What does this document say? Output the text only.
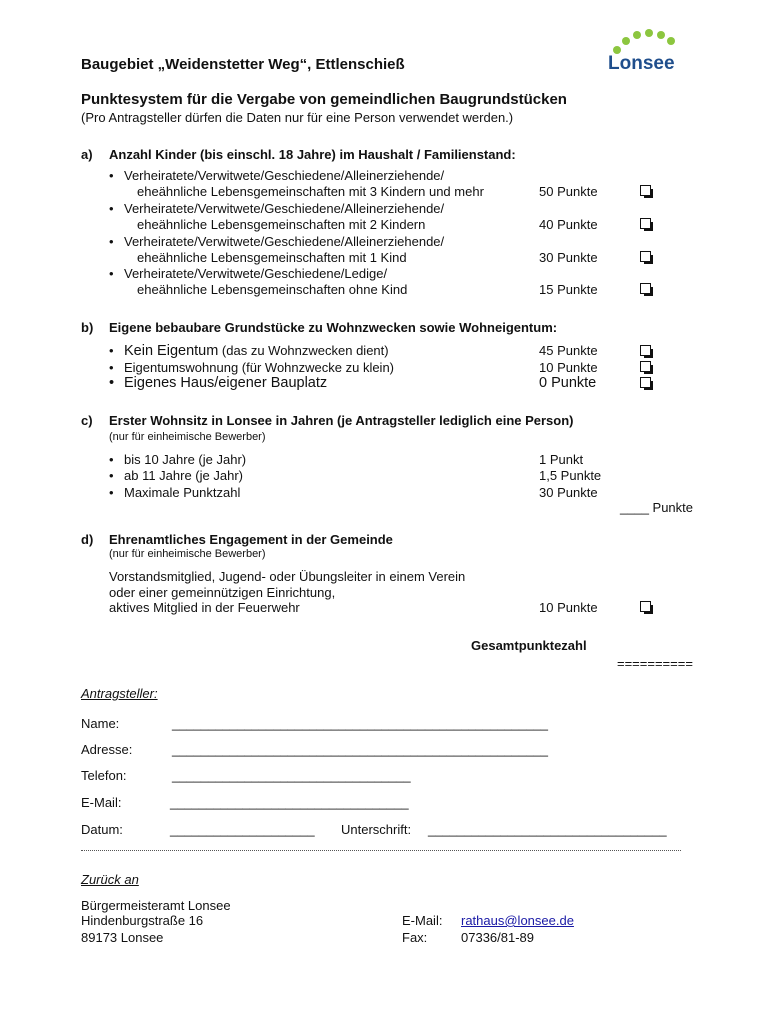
Lonsee
Baugebiet „Weidenstetter Weg“, Ettlenschieß
Punktesystem für die Vergabe von gemeindlichen Baugrundstücken
(Pro Antragsteller dürfen die Daten nur für eine Person verwendet werden.)
a) Anzahl Kinder (bis einschl. 18 Jahre) im Haushalt / Familienstand:
• Verheiratete/Verwitwete/Geschiedene/Alleinerziehende/
eheähnliche Lebensgemeinschaften mit 3 Kindern und mehr	50 Punkte
• Verheiratete/Verwitwete/Geschiedene/Alleinerziehende/
eheähnliche Lebensgemeinschaften mit 2 Kindern	40 Punkte
• Verheiratete/Verwitwete/Geschiedene/Alleinerziehende/
eheähnliche Lebensgemeinschaften mit 1 Kind	30 Punkte
• Verheiratete/Verwitwete/Geschiedene/Ledige/
eheähnliche Lebensgemeinschaften ohne Kind	15 Punkte
b) Eigene bebaubare Grundstücke zu Wohnzwecken sowie Wohneigentum:
• Kein Eigentum (das zu Wohnzwecken dient)	45 Punkte
• Eigentumswohnung (für Wohnzwecke zu klein)	10 Punkte
• Eigenes Haus/eigener Bauplatz	0 Punkte
c) Erster Wohnsitz in Lonsee in Jahren (je Antragsteller lediglich eine Person)
(nur für einheimische Bewerber)
• bis 10 Jahre (je Jahr)	1 Punkt
• ab 11 Jahre (je Jahr)	1,5 Punkte
• Maximale Punktzahl	30 Punkte
____ Punkte
d) Ehrenamtliches Engagement in der Gemeinde
(nur für einheimische Bewerber)
Vorstandsmitglied, Jugend- oder Übungsleiter in einem Verein
oder einer gemeinnützigen Einrichtung,
aktives Mitglied in der Feuerwehr	10 Punkte
Gesamtpunktezahl
==========
Antragsteller:
Name:	____________________________________________________
Adresse:	____________________________________________________
Telefon:	_________________________________
E-Mail:	_________________________________
Datum:	____________________ Unterschrift: _________________________________
Zurück an
Bürgermeisteramt Lonsee
Hindenburgstraße 16
89173 Lonsee
E-Mail: rathaus@lonsee.de
Fax:	07336/81-89
